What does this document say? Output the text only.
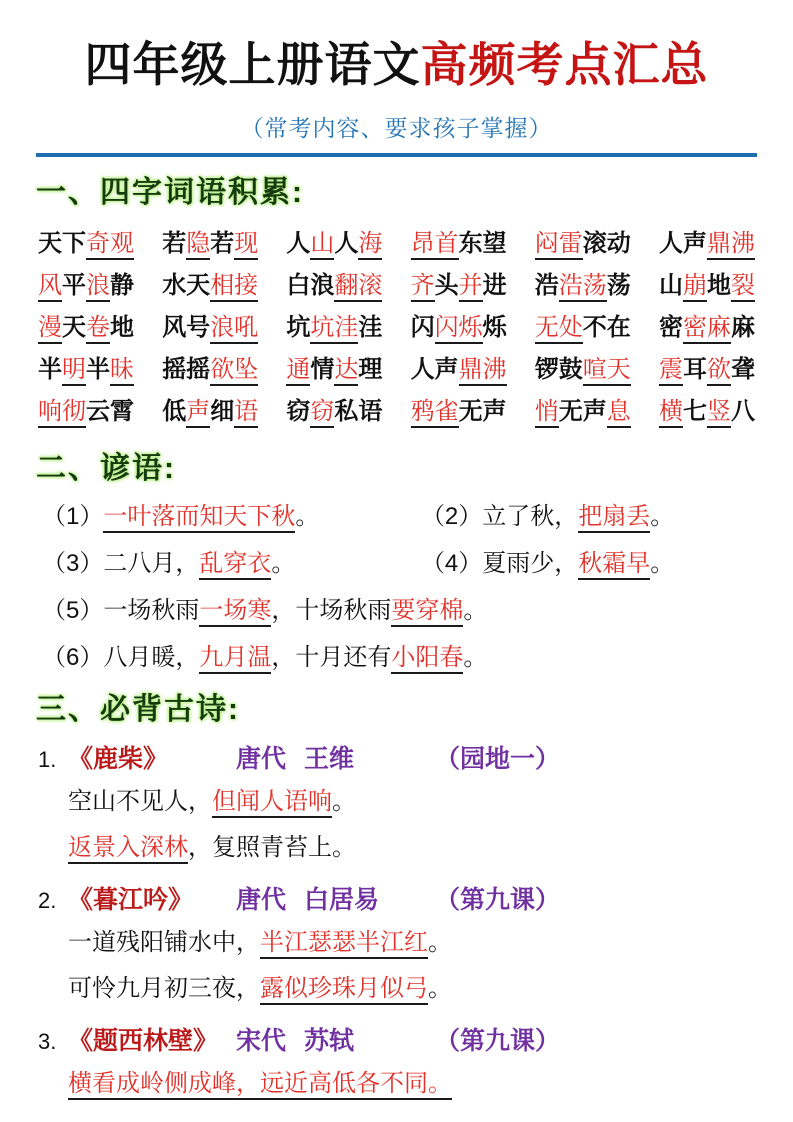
四年级上册语文高频考点汇总
（常考内容、要求孩子掌握）
一、四字词语积累:
天下奇观 若隐若现 人山人海 昂首东望 闷雷滚动 人声鼎沸
风平浪静 水天相接 白浪翻滚 齐头并进 浩浩荡荡 山崩地裂
漫天卷地 风号浪吼 坑坑洼洼 闪闪烁烁 无处不在 密密麻麻
半明半昧 摇摇欲坠 通情达理 人声鼎沸 锣鼓喧天 震耳欲聋
响彻云霄 低声细语 窃窃私语 鸦雀无声 悄无声息 横七竖八
二、谚语:
（1）一叶落而知天下秋。	（2）立了秋，把扇丢。
（3）二八月，乱穿衣。	（4）夏雨少，秋霜早。
（5）一场秋雨一场寒，十场秋雨要穿棉。
（6）八月暖，九月温，十月还有小阳春。
三、必背古诗:
1. 《鹿柴》	唐代 王维	（园地一）
空山不见人，但闻人语响。
返景入深林，复照青苔上。
2. 《暮江吟》	唐代 白居易	（第九课）
一道残阳铺水中，半江瑟瑟半江红。
可怜九月初三夜，露似珍珠月似弓。
3. 《题西林壁》 宋代 苏轼	（第九课）
横看成岭侧成峰，远近高低各不同。
